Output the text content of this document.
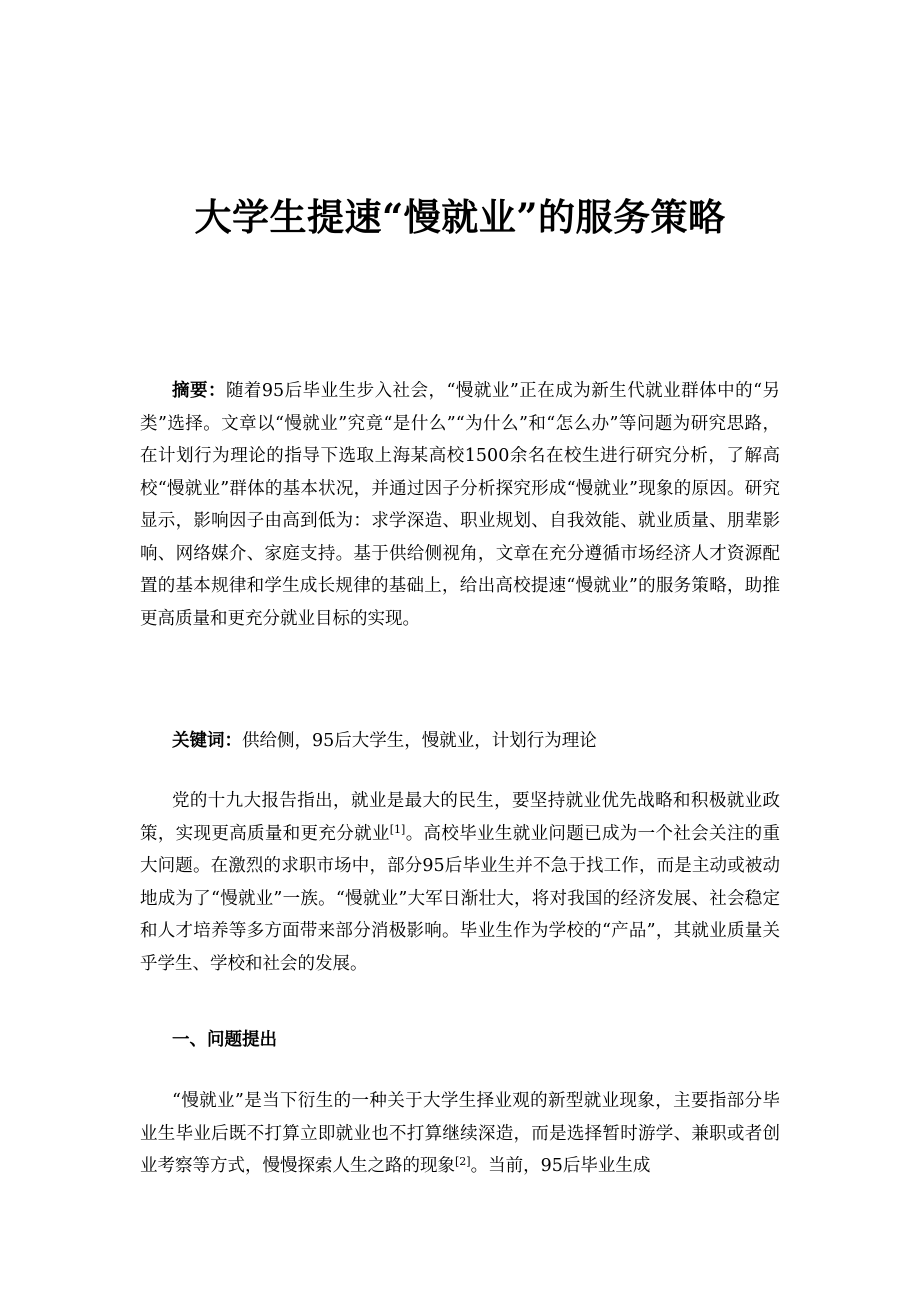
大学生提速“慢就业”的服务策略

摘要：随着95后毕业生步入社会，“慢就业”正在成为新生代就业群体中的“另类”选择。文章以“慢就业”究竟“是什么”“为什么”和“怎么办”等问题为研究思路，在计划行为理论的指导下选取上海某高校1500余名在校生进行研究分析，了解高校“慢就业”群体的基本状况，并通过因子分析探究形成“慢就业”现象的原因。研究显示，影响因子由高到低为：求学深造、职业规划、自我效能、就业质量、朋辈影响、网络媒介、家庭支持。基于供给侧视角，文章在充分遵循市场经济人才资源配置的基本规律和学生成长规律的基础上，给出高校提速“慢就业”的服务策略，助推更高质量和更充分就业目标的实现。

关键词：供给侧，95后大学生，慢就业，计划行为理论

党的十九大报告指出，就业是最大的民生，要坚持就业优先战略和积极就业政策，实现更高质量和更充分就业[1]。高校毕业生就业问题已成为一个社会关注的重大问题。在激烈的求职市场中，部分95后毕业生并不急于找工作，而是主动或被动地成为了“慢就业”一族。“慢就业”大军日渐壮大，将对我国的经济发展、社会稳定和人才培养等多方面带来部分消极影响。毕业生作为学校的“产品”，其就业质量关乎学生、学校和社会的发展。

一、问题提出

“慢就业”是当下衍生的一种关于大学生择业观的新型就业现象，主要指部分毕业生毕业后既不打算立即就业也不打算继续深造，而是选择暂时游学、兼职或者创业考察等方式，慢慢探索人生之路的现象[2]。当前，95后毕业生成
